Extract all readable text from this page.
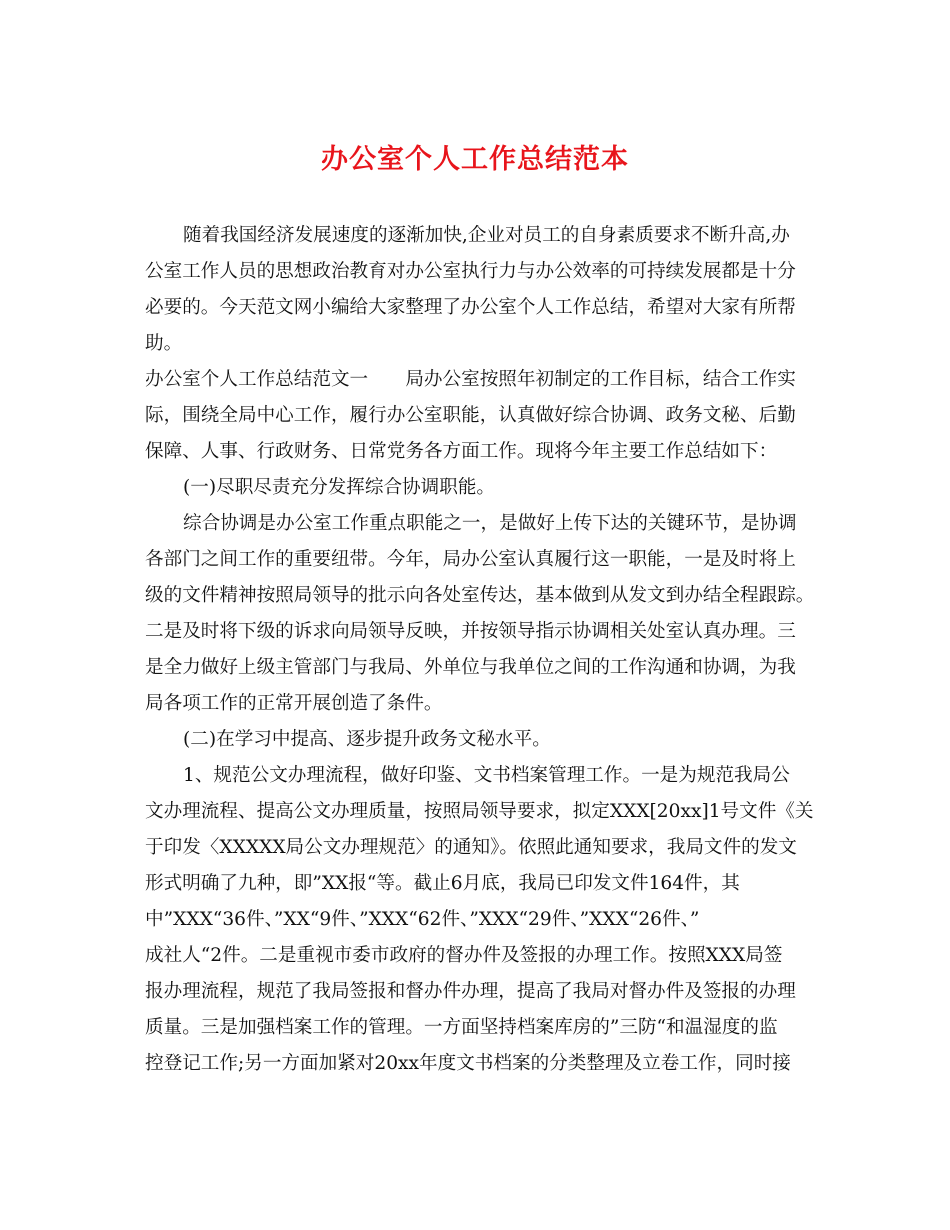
办公室个人工作总结范本
随着我国经济发展速度的逐渐加快,企业对员工的自身素质要求不断升高,办
公室工作人员的思想政治教育对办公室执行力与办公效率的可持续发展都是十分
必要的。今天范文网小编给大家整理了办公室个人工作总结，希望对大家有所帮
助。
办公室个人工作总结范文一　　局办公室按照年初制定的工作目标，结合工作实
际，围绕全局中心工作，履行办公室职能，认真做好综合协调、政务文秘、后勤
保障、人事、行政财务、日常党务各方面工作。现将今年主要工作总结如下：
(一)尽职尽责充分发挥综合协调职能。
综合协调是办公室工作重点职能之一，是做好上传下达的关键环节，是协调
各部门之间工作的重要纽带。今年，局办公室认真履行这一职能，一是及时将上
级的文件精神按照局领导的批示向各处室传达，基本做到从发文到办结全程跟踪。
二是及时将下级的诉求向局领导反映，并按领导指示协调相关处室认真办理。三
是全力做好上级主管部门与我局、外单位与我单位之间的工作沟通和协调，为我
局各项工作的正常开展创造了条件。
(二)在学习中提高、逐步提升政务文秘水平。
1、规范公文办理流程，做好印鉴、文书档案管理工作。一是为规范我局公
文办理流程、提高公文办理质量，按照局领导要求，拟定XXX[20xx]1号文件《关
于印发〈XXXXX局公文办理规范〉的通知》。依照此通知要求，我局文件的发文
形式明确了九种，即”XX报“等。截止6月底，我局已印发文件164件，其
中”XXX“36件、”XX“9件、”XXX“62件、”XXX“29件、”XXX“26件、”
成社人“2件。二是重视市委市政府的督办件及签报的办理工作。按照XXX局签
报办理流程，规范了我局签报和督办件办理，提高了我局对督办件及签报的办理
质量。三是加强档案工作的管理。一方面坚持档案库房的”三防“和温湿度的监
控登记工作;另一方面加紧对20xx年度文书档案的分类整理及立卷工作，同时接
